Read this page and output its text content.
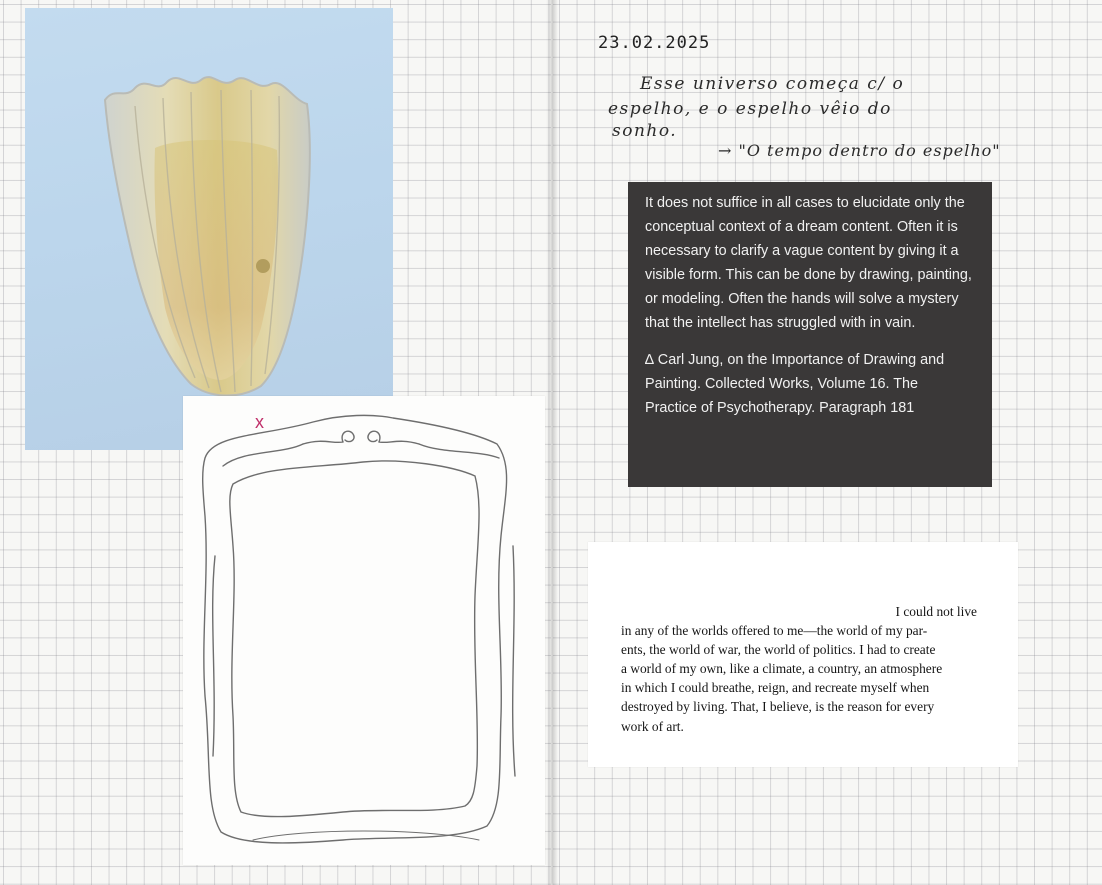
x
23.02.2025
Esse universo começa c/ o
espelho, e o espelho vêio do
sonho.
→ "O tempo dentro do espelho"

It does not suffice in all cases to elucidate only the conceptual context of a dream content. Often it is necessary to clarify a vague content by giving it a visible form. This can be done by drawing, painting, or modeling. Often the hands will solve a mystery that the intellect has struggled with in vain.

∆ Carl Jung, on the Importance of Drawing and Painting. Collected Works, Volume 16. The Practice of Psychotherapy. Paragraph 181

I could not live
in any of the worlds offered to me—the world of my par-
ents, the world of war, the world of politics. I had to create
a world of my own, like a climate, a country, an atmosphere
in which I could breathe, reign, and recreate myself when
destroyed by living. That, I believe, is the reason for every
work of art.
